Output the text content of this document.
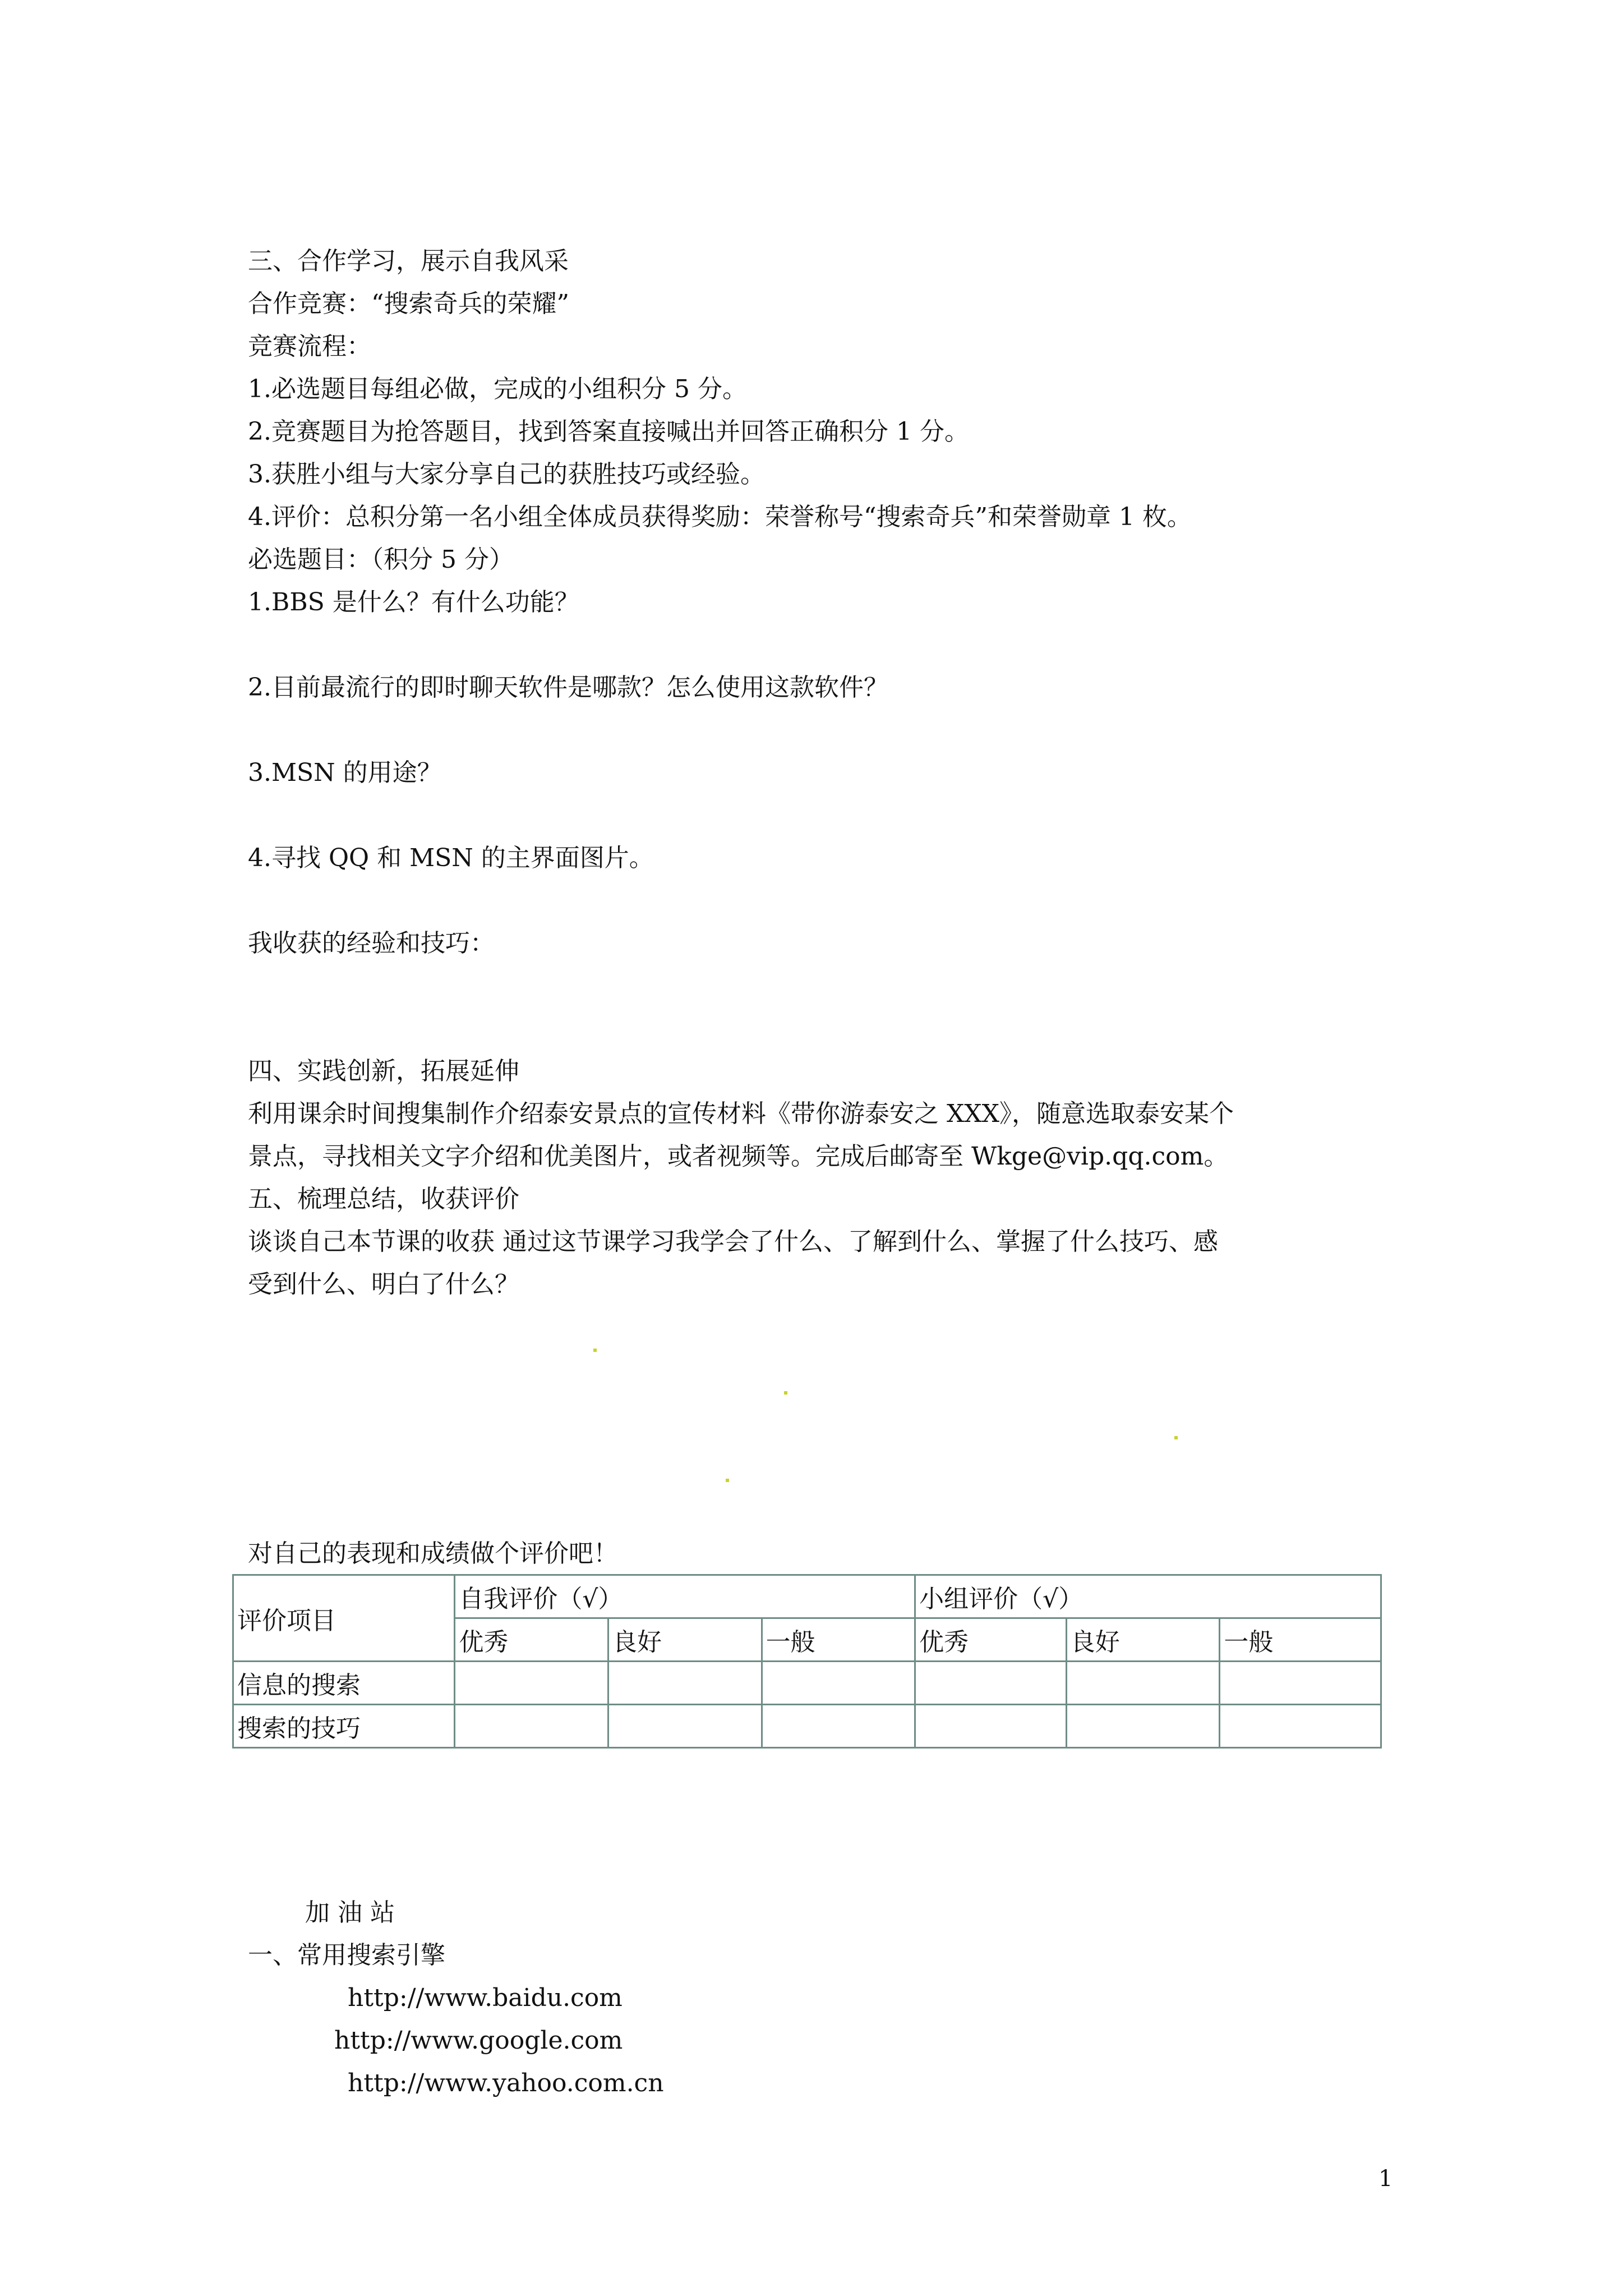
三、合作学习，展示自我风采
合作竞赛：“搜索奇兵的荣耀”
竞赛流程：
1.必选题目每组必做，完成的小组积分 5 分。
2.竞赛题目为抢答题目，找到答案直接喊出并回答正确积分 1 分。
3.获胜小组与大家分享自己的获胜技巧或经验。
4.评价：总积分第一名小组全体成员获得奖励：荣誉称号“搜索奇兵”和荣誉勋章 1 枚。
必选题目：（积分 5 分）
1.BBS 是什么？有什么功能？
2.目前最流行的即时聊天软件是哪款？怎么使用这款软件？
3.MSN 的用途？
4.寻找 QQ 和 MSN 的主界面图片。
我收获的经验和技巧：
四、实践创新，拓展延伸
利用课余时间搜集制作介绍泰安景点的宣传材料《带你游泰安之 XXX》，随意选取泰安某个
景点，寻找相关文字介绍和优美图片，或者视频等。完成后邮寄至 Wkge@vip.qq.com。
五、梳理总结，收获评价
谈谈自己本节课的收获 通过这节课学习我学会了什么、了解到什么、掌握了什么技巧、感
受到什么、明白了什么？
对自己的表现和成绩做个评价吧！
评价项目	自我评价（√）			小组评价（√）		
	优秀	良好	一般	优秀	良好	一般
信息的搜索						
搜索的技巧						
加 油 站
一、常用搜索引擎
http://www.baidu.com
http://www.google.com
http://www.yahoo.com.cn
1
